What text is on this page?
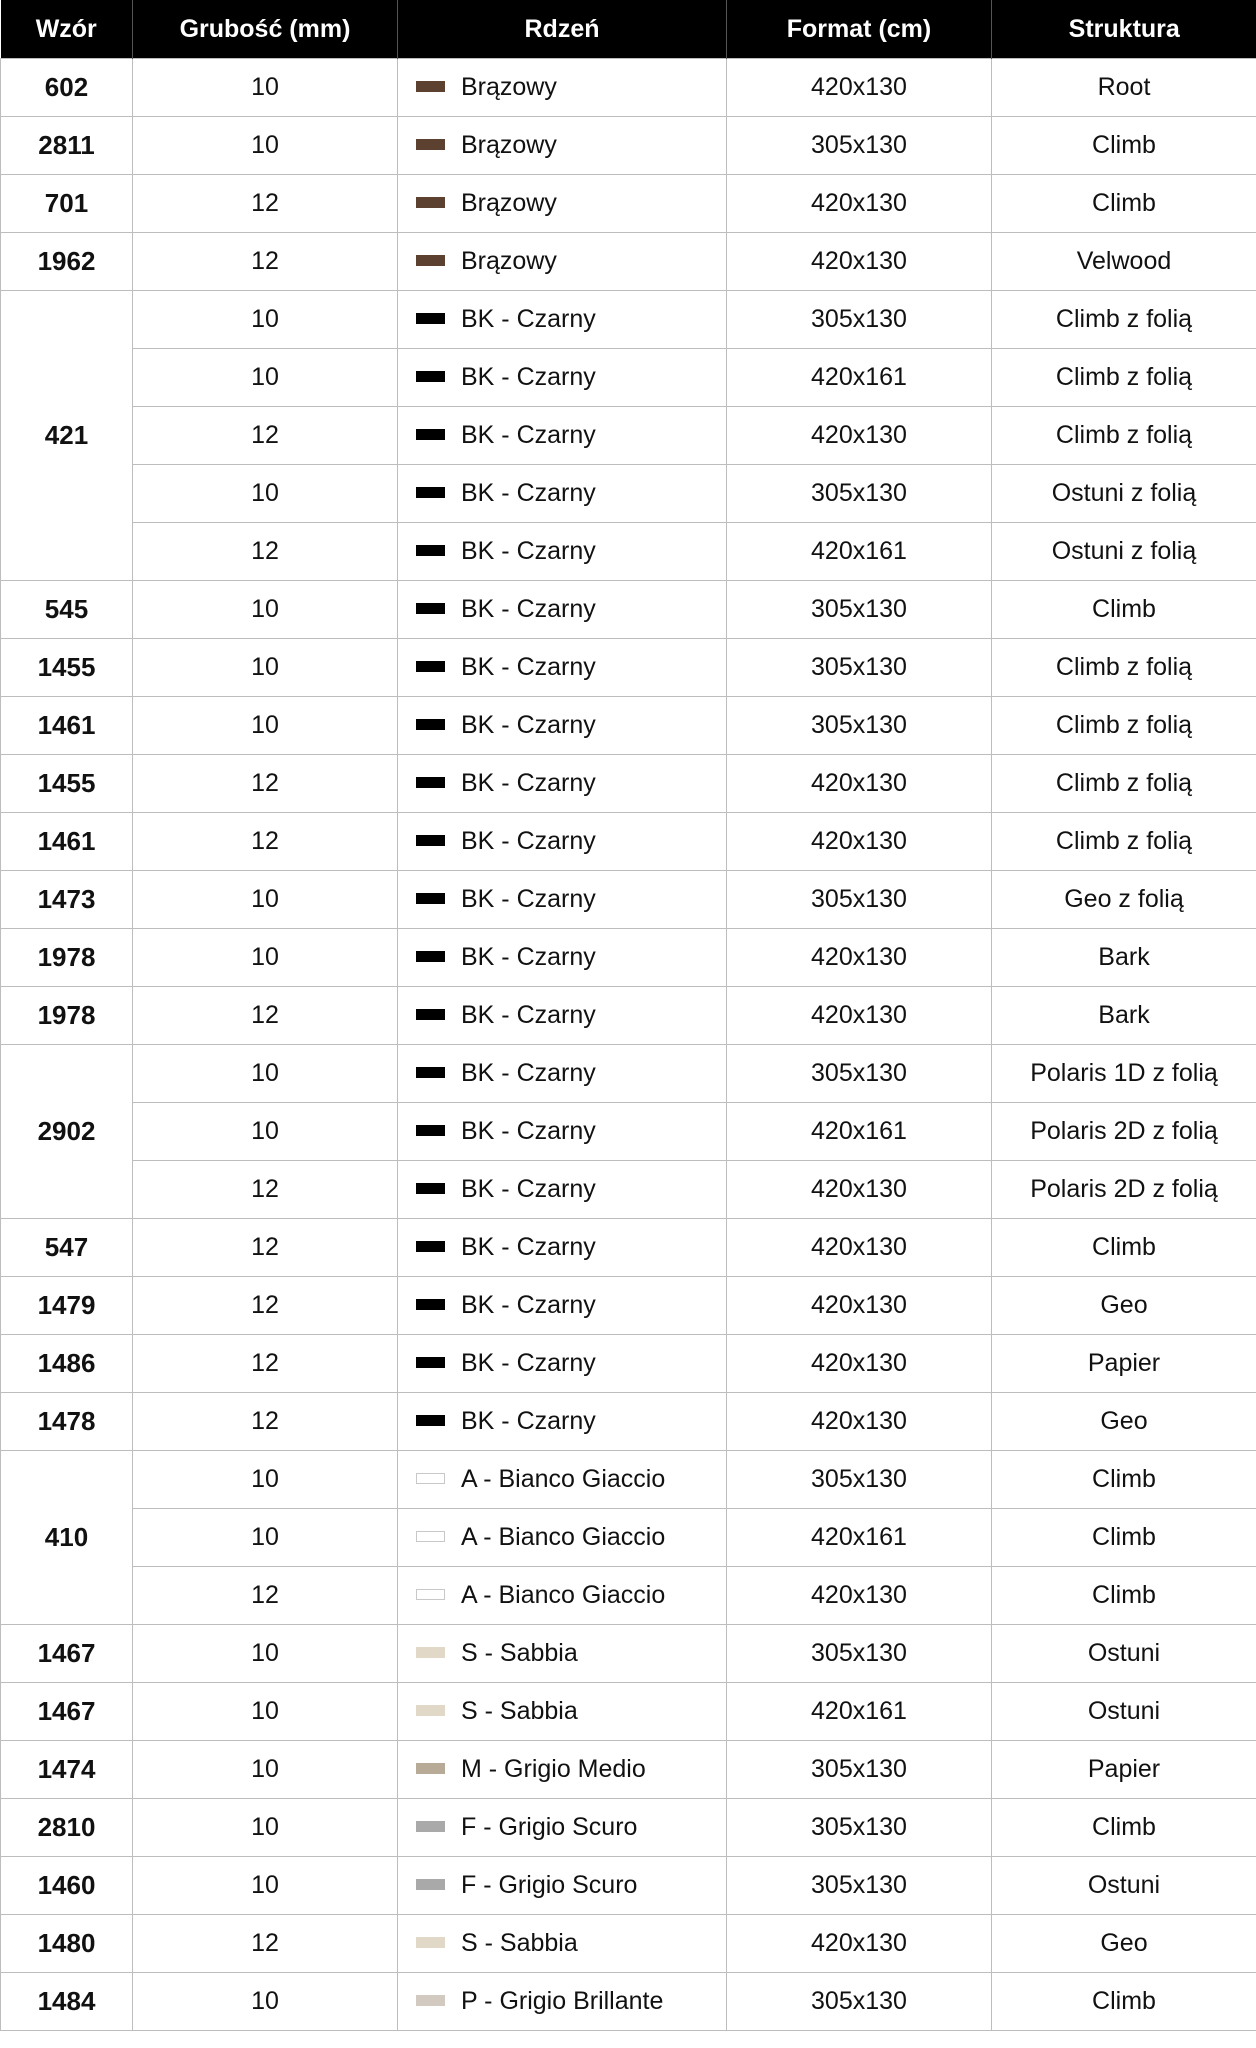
Wzór	Grubość (mm)	Rdzeń	Format (cm)	Struktura
602	10	Brązowy	420x130	Root
2811	10	Brązowy	305x130	Climb
701	12	Brązowy	420x130	Climb
1962	12	Brązowy	420x130	Velwood
421	10	BK - Czarny	305x130	Climb z folią
	10	BK - Czarny	420x161	Climb z folią
	12	BK - Czarny	420x130	Climb z folią
	10	BK - Czarny	305x130	Ostuni z folią
	12	BK - Czarny	420x161	Ostuni z folią
545	10	BK - Czarny	305x130	Climb
1455	10	BK - Czarny	305x130	Climb z folią
1461	10	BK - Czarny	305x130	Climb z folią
1455	12	BK - Czarny	420x130	Climb z folią
1461	12	BK - Czarny	420x130	Climb z folią
1473	10	BK - Czarny	305x130	Geo z folią
1978	10	BK - Czarny	420x130	Bark
1978	12	BK - Czarny	420x130	Bark
2902	10	BK - Czarny	305x130	Polaris 1D z folią
	10	BK - Czarny	420x161	Polaris 2D z folią
	12	BK - Czarny	420x130	Polaris 2D z folią
547	12	BK - Czarny	420x130	Climb
1479	12	BK - Czarny	420x130	Geo
1486	12	BK - Czarny	420x130	Papier
1478	12	BK - Czarny	420x130	Geo
410	10	A - Bianco Giaccio	305x130	Climb
	10	A - Bianco Giaccio	420x161	Climb
	12	A - Bianco Giaccio	420x130	Climb
1467	10	S - Sabbia	305x130	Ostuni
1467	10	S - Sabbia	420x161	Ostuni
1474	10	M - Grigio Medio	305x130	Papier
2810	10	F - Grigio Scuro	305x130	Climb
1460	10	F - Grigio Scuro	305x130	Ostuni
1480	12	S - Sabbia	420x130	Geo
1484	10	P - Grigio Brillante	305x130	Climb
